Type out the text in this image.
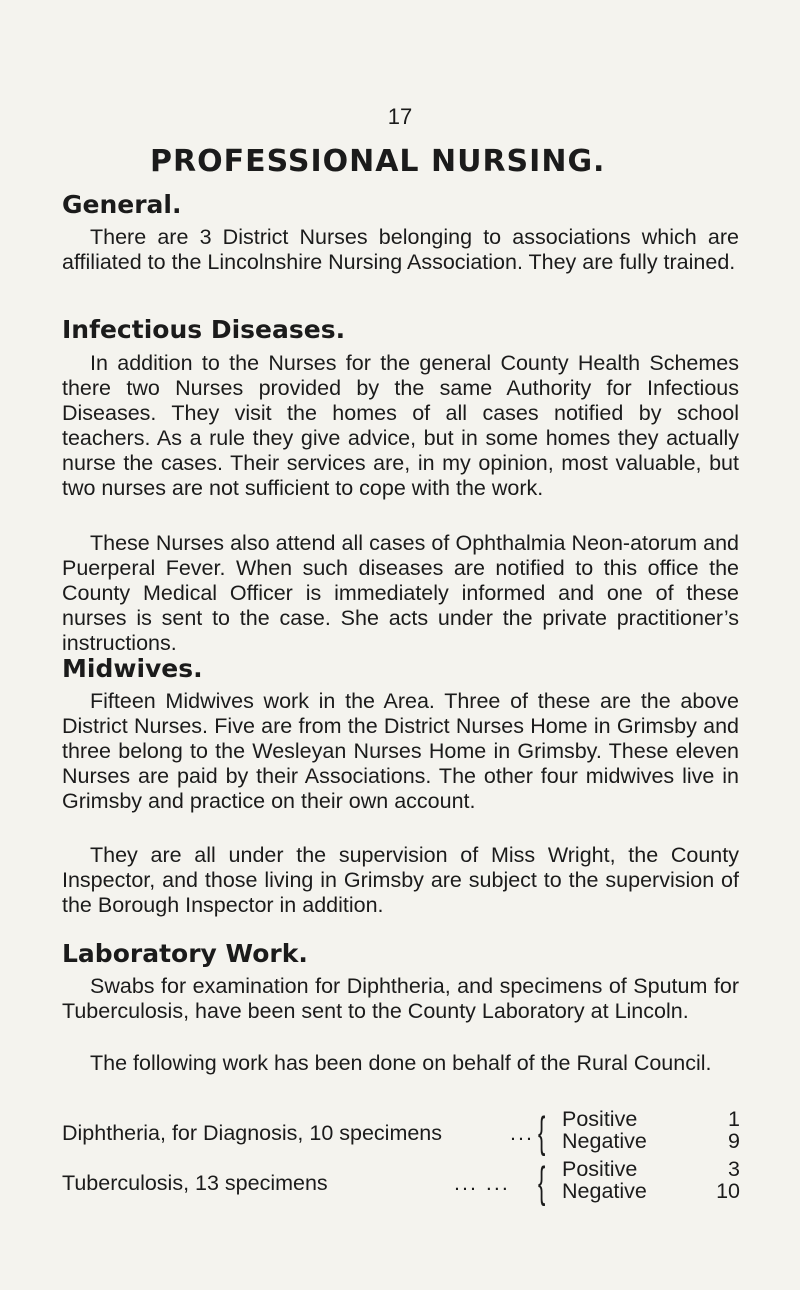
17
PROFESSIONAL NURSING.
General.

There are 3 District Nurses belonging to associations which are affiliated to the Lincolnshire Nursing Association. They are fully trained.

Infectious Diseases.

In addition to the Nurses for the general County Health Schemes there two Nurses provided by the same Authority for Infectious Diseases. They visit the homes of all cases notified by school teachers. As a rule they give advice, but in some homes they actually nurse the cases. Their services are, in my opinion, most valuable, but two nurses are not sufficient to cope with the work.

These Nurses also attend all cases of Ophthalmia Neon-atorum and Puerperal Fever. When such diseases are notified to this office the County Medical Officer is immediately informed and one of these nurses is sent to the case. She acts under the private practitioner’s instructions.

Midwives.

Fifteen Midwives work in the Area. Three of these are the above District Nurses. Five are from the District Nurses Home in Grimsby and three belong to the Wesleyan Nurses Home in Grimsby. These eleven Nurses are paid by their Associations. The other four midwives live in Grimsby and practice on their own account.

They are all under the supervision of Miss Wright, the County Inspector, and those living in Grimsby are subject to the supervision of the Borough Inspector in addition.

Laboratory Work.

Swabs for examination for Diphtheria, and specimens of Sputum for Tuberculosis, have been sent to the County Laboratory at Lincoln.

The following work has been done on behalf of the Rural Council.

Diphtheria, for Diagnosis, 10 specimens	... { Positive	1
Negative	9
Tuberculosis, 13 specimens	... ... { Positive	3
Negative	10
